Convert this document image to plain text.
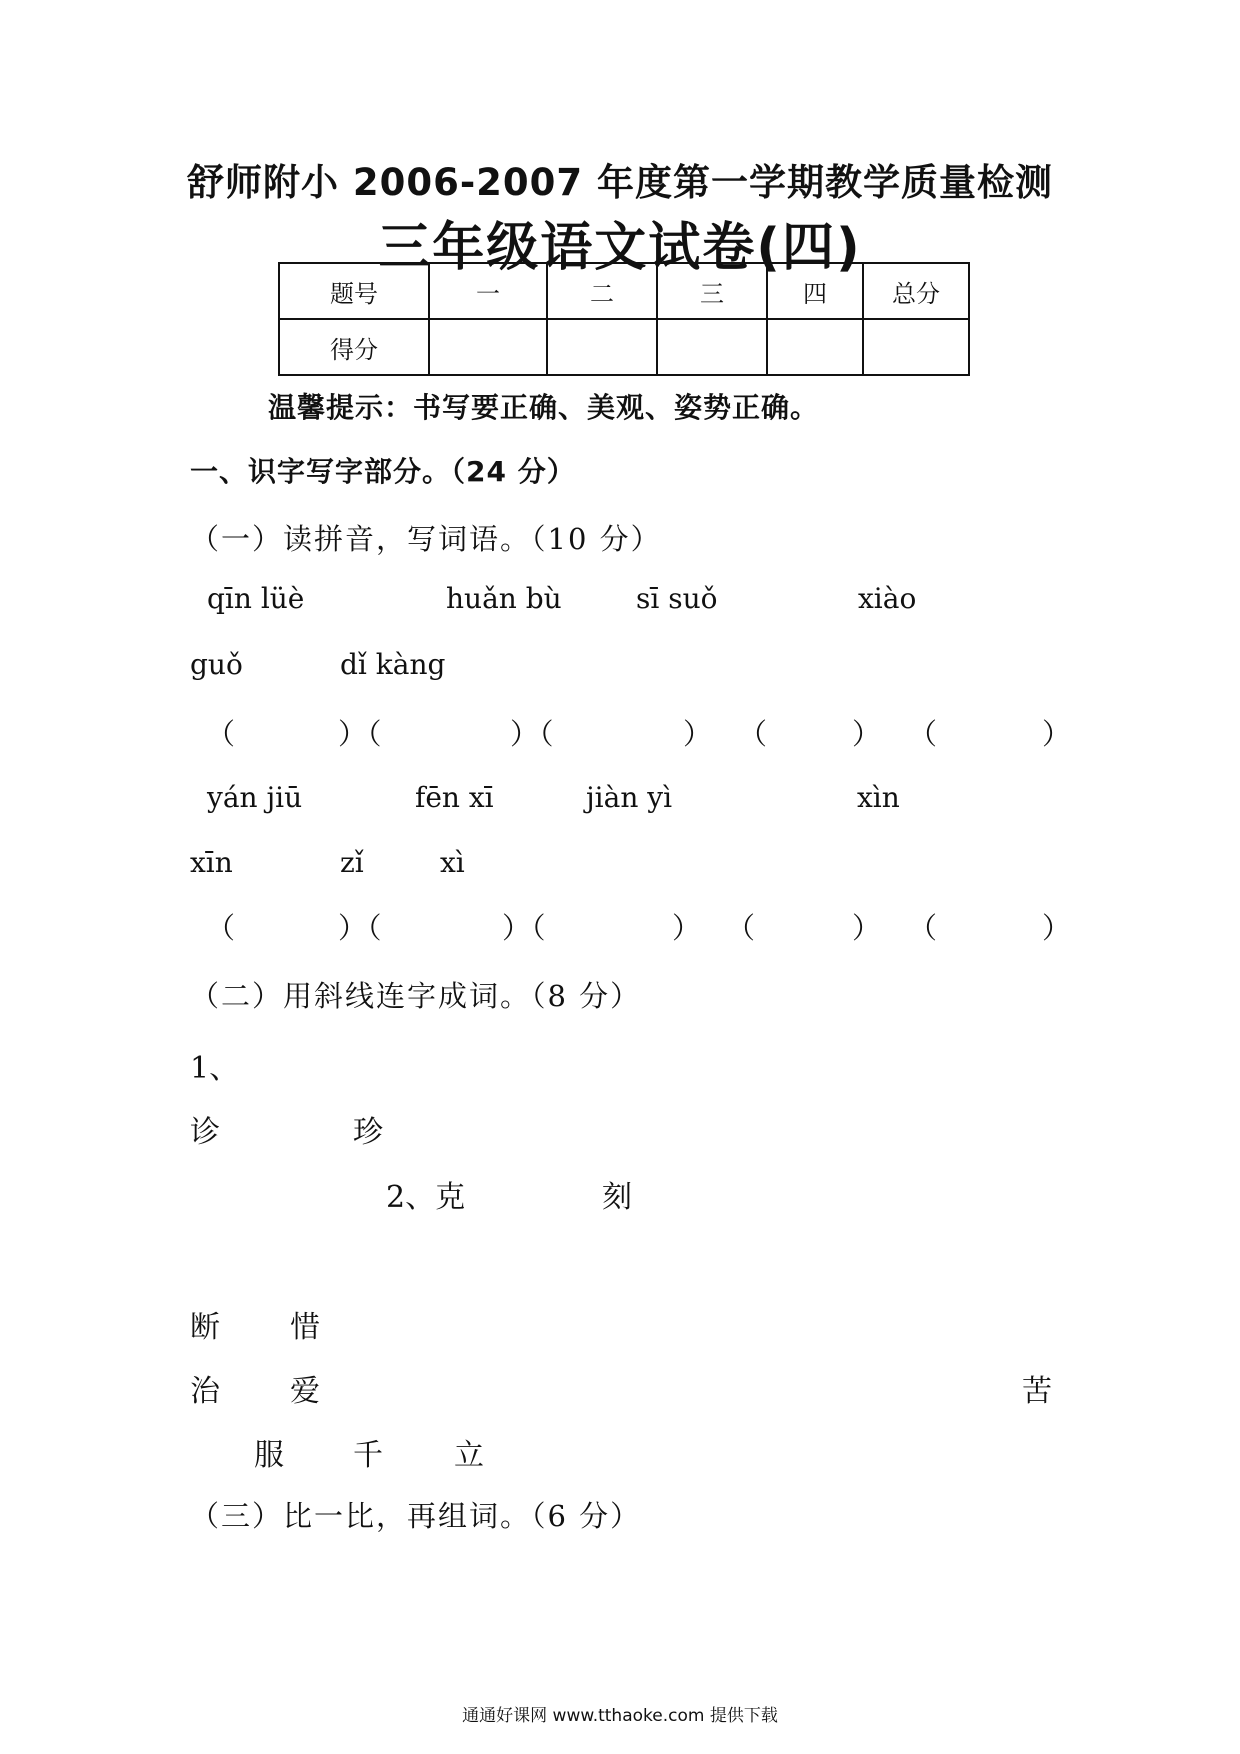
舒师附小 2006-2007 年度第一学期教学质量检测
三年级语文试卷(四)
题号	一	二	三	四	总分
得分					
温馨提示：书写要正确、美观、姿势正确。
一、识字写字部分。（24 分）
（一）读拼音，写词语。（10 分）
qīn lüè	huǎn bù	sī suǒ	xiào
guǒ	dǐ kàng
（	）（	）（	） （	） （	）
yán jiū	fēn xī	jiàn yì	xìn
xīn	zǐ	xì
（	）（	）（	） （	） （	）
（二）用斜线连字成词。（8 分）
1、
诊	珍
2、克	刻
断 惜
治 爱	苦
服 千 立
（三）比一比，再组词。（6 分）
通通好课网 www.tthaoke.com 提供下载
